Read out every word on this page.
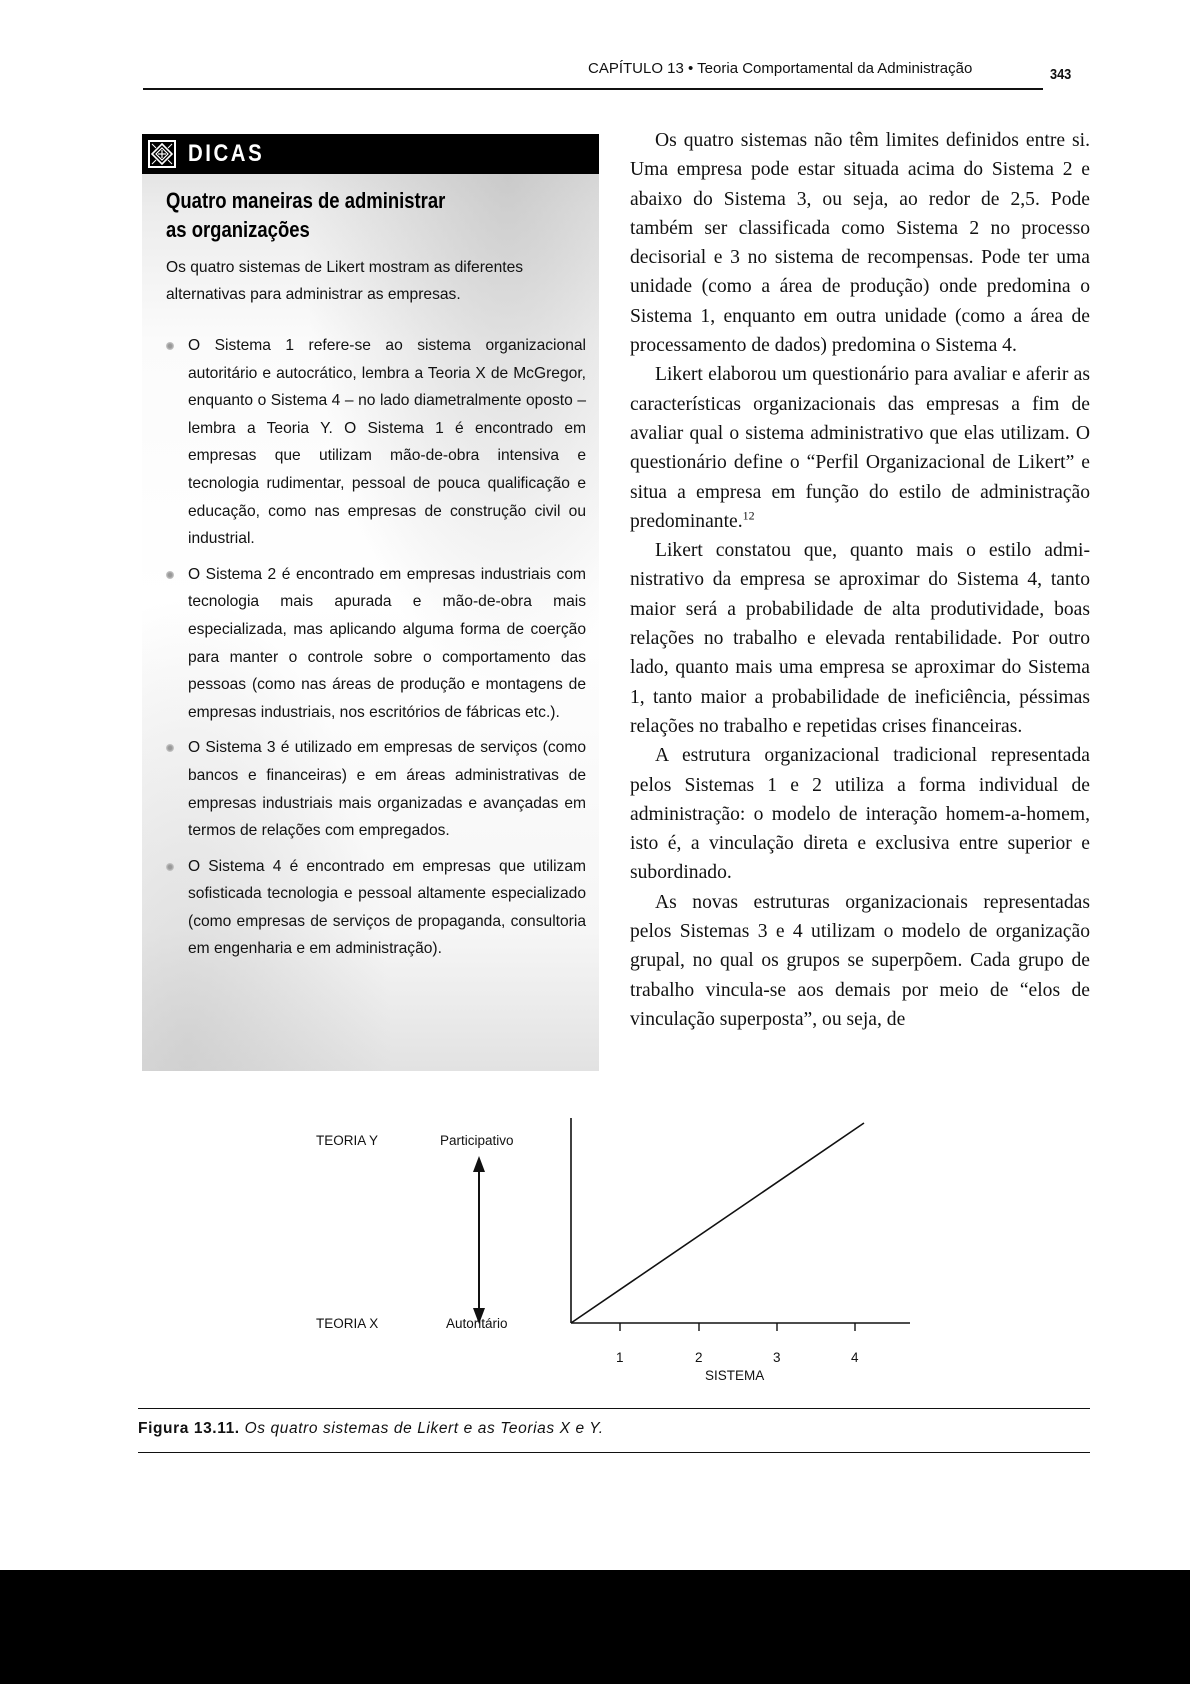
CAPÍTULO 13 • Teoria Comportamental da Administração	343
DICAS
Quatro maneiras de administrar
as organizações
Os quatro sistemas de Likert mostram as diferentes alternativas para administrar as empresas.
O Sistema 1 refere-se ao sistema organizacional autoritário e autocrático, lembra a Teoria X de McGregor, enquanto o Sistema 4 – no lado diametralmente oposto – lembra a Teoria Y. O Sistema 1 é encontrado em empresas que utilizam mão-de-obra intensiva e tecnologia rudimentar, pessoal de pouca qualificação e educação, como nas empresas de construção civil ou industrial.
O Sistema 2 é encontrado em empresas industriais com tecnologia mais apurada e mão-de-obra mais especializada, mas aplicando alguma forma de coerção para manter o controle sobre o comportamento das pessoas (como nas áreas de produção e montagens de empresas industriais, nos escritórios de fábricas etc.).
O Sistema 3 é utilizado em empresas de serviços (como bancos e financeiras) e em áreas administrativas de empresas industriais mais organizadas e avançadas em termos de relações com empregados.
O Sistema 4 é encontrado em empresas que utilizam sofisticada tecnologia e pessoal altamente especializado (como empresas de serviços de propaganda, consultoria em engenharia e em administração).

Os quatro sistemas não têm limites definidos entre si. Uma empresa pode estar situada acima do Sistema 2 e abaixo do Sistema 3, ou seja, ao redor de 2,5. Pode também ser classificada como Sistema 2 no processo decisorial e 3 no sistema de recompensas. Pode ter uma unidade (como a área de produção) onde predomina o Sistema 1, enquanto em outra unidade (como a área de processamento de dados) predomina o Sistema 4.

Likert elaborou um questionário para avaliar e aferir as características organizacionais das empresas a fim de avaliar qual o sistema administrativo que elas utilizam. O questionário define o “Perfil Organizacional de Likert” e situa a empresa em função do estilo de administração predominante.$^{12}$

Likert constatou que, quanto mais o estilo administrativo da empresa se aproximar do Sistema 4, tanto maior será a probabilidade de alta produtividade, boas relações no trabalho e elevada rentabilidade. Por outro lado, quanto mais uma empresa se aproximar do Sistema 1, tanto maior a probabilidade de ineficiência, péssimas relações no trabalho e repetidas crises financeiras.

A estrutura organizacional tradicional representada pelos Sistemas 1 e 2 utiliza a forma individual de administração: o modelo de interação homem-a-homem, isto é, a vinculação direta e exclusiva entre superior e subordinado.

As novas estruturas organizacionais representadas pelos Sistemas 3 e 4 utilizam o modelo de organização grupal, no qual os grupos se superpõem. Cada grupo de trabalho vincula-se aos demais por meio de “elos de vinculação superposta”, ou seja, de

TEORIA Y	Participativo
TEORIA X	Autoritário
1	2	3	4
SISTEMA
Figura 13.11. Os quatro sistemas de Likert e as Teorias X e Y.
